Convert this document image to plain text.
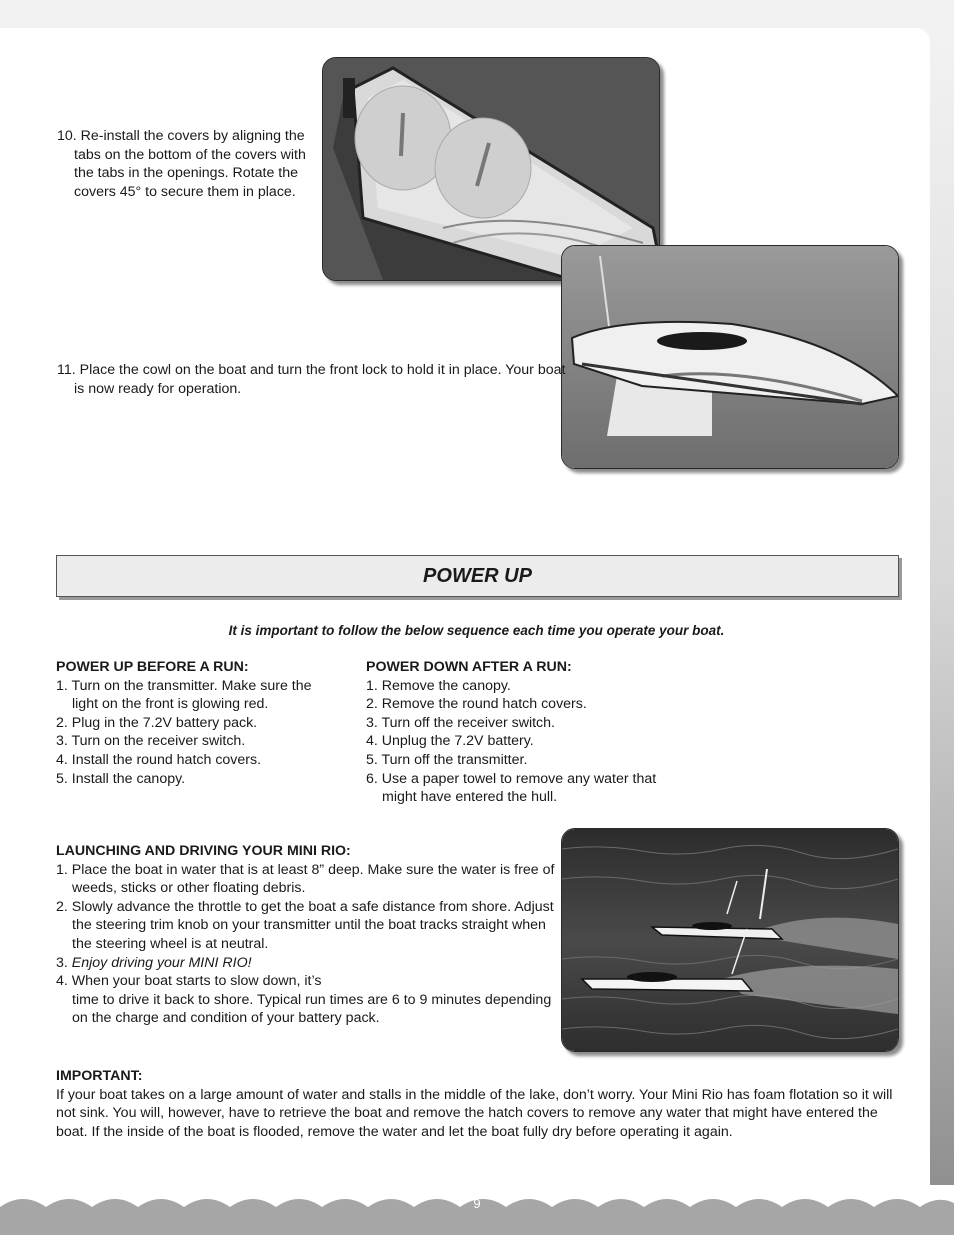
10. Re-install the covers by aligning the tabs on the bottom of the covers with the tabs in the openings. Rotate the covers 45° to secure them in place.

11. Place the cowl on the boat and turn the front lock to hold it in place. Your boat is now ready for operation.

POWER UP
It is important to follow the below sequence each time you operate your boat.
POWER UP BEFORE A RUN:
1. Turn on the transmitter. Make sure the light on the front is glowing red.
2. Plug in the 7.2V battery pack.
3. Turn on the receiver switch.
4. Install the round hatch covers.
5. Install the canopy.
POWER DOWN AFTER A RUN:
1. Remove the canopy.
2. Remove the round hatch covers.
3. Turn off the receiver switch.
4. Unplug the 7.2V battery.
5. Turn off the transmitter.
6. Use a paper towel to remove any water that might have entered the hull.
LAUNCHING AND DRIVING YOUR MINI RIO:
1. Place the boat in water that is at least 8” deep. Make sure the water is free of weeds, sticks or other floating debris.
2. Slowly advance the throttle to get the boat a safe distance from shore. Adjust the steering trim knob on your transmitter until the boat tracks straight when the steering wheel is at neutral.
3. Enjoy driving your MINI RIO!
4. When your boat starts to slow down, it’s
time to drive it back to shore. Typical run times are 6 to 9 minutes depending on the charge and condition of your battery pack.
IMPORTANT:
If your boat takes on a large amount of water and stalls in the middle of the lake, don’t worry. Your Mini Rio has foam flotation so it will not sink. You will, however, have to retrieve the boat and remove the hatch covers to remove any water that might have entered the boat. If the inside of the boat is flooded, remove the water and let the boat fully dry before operating it again.
9
